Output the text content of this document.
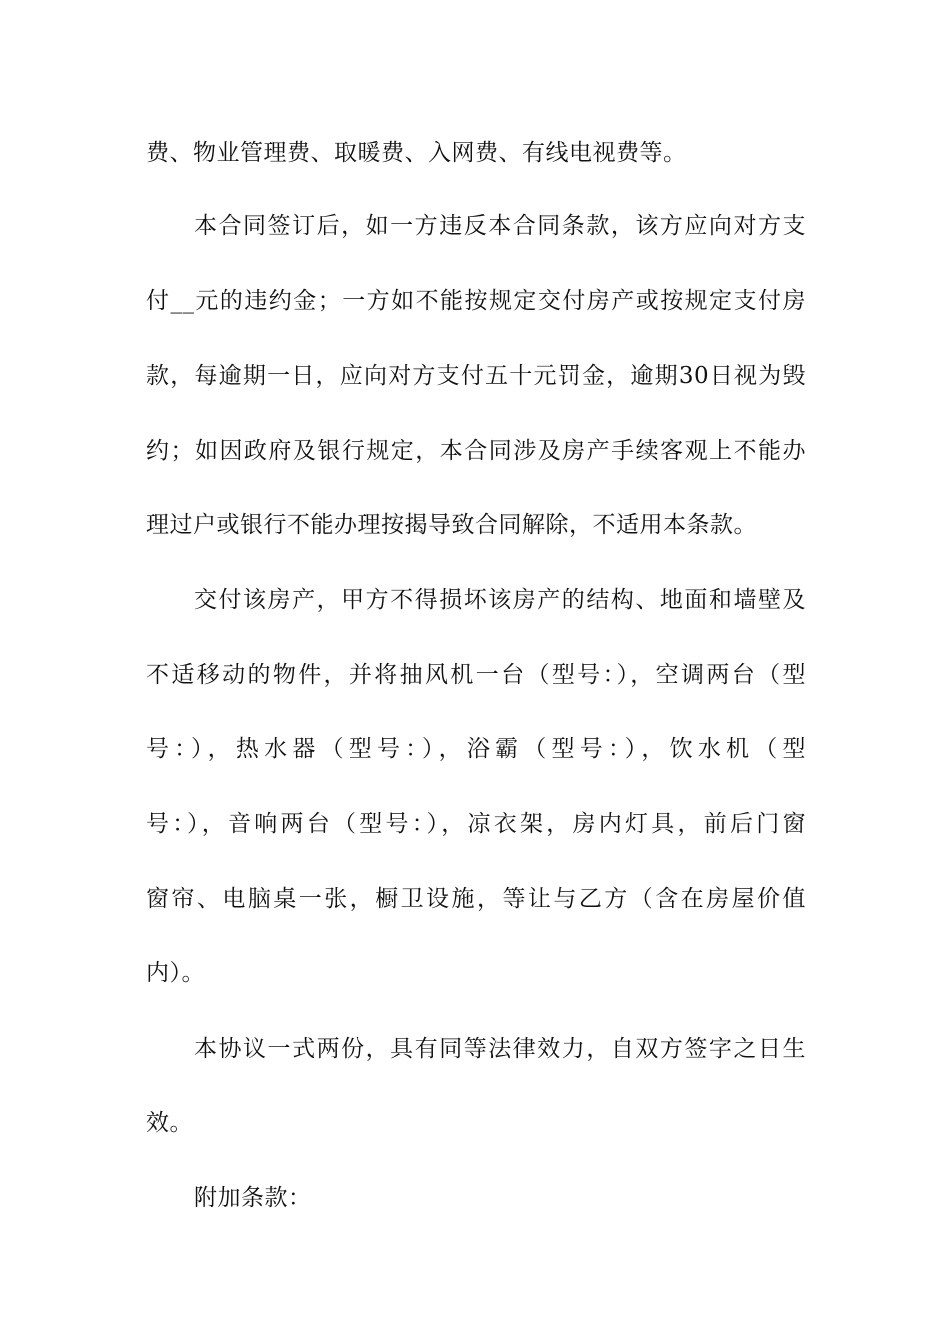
费、物业管理费、取暖费、入网费、有线电视费等。
本合同签订后，如一方违反本合同条款，该方应向对方支
付__元的违约金；一方如不能按规定交付房产或按规定支付房
款，每逾期一日，应向对方支付五十元罚金，逾期30日视为毁
约；如因政府及银行规定，本合同涉及房产手续客观上不能办
理过户或银行不能办理按揭导致合同解除，不适用本条款。
交付该房产，甲方不得损坏该房产的结构、地面和墙壁及
不适移动的物件，并将抽风机一台（型号：），空调两台（型
号：），热水器（型号：），浴霸（型号：），饮水机（型
号：），音响两台（型号：），凉衣架，房内灯具，前后门窗
窗帘、电脑桌一张，橱卫设施，等让与乙方（含在房屋价值
内）。
本协议一式两份，具有同等法律效力，自双方签字之日生
效。
附加条款：
